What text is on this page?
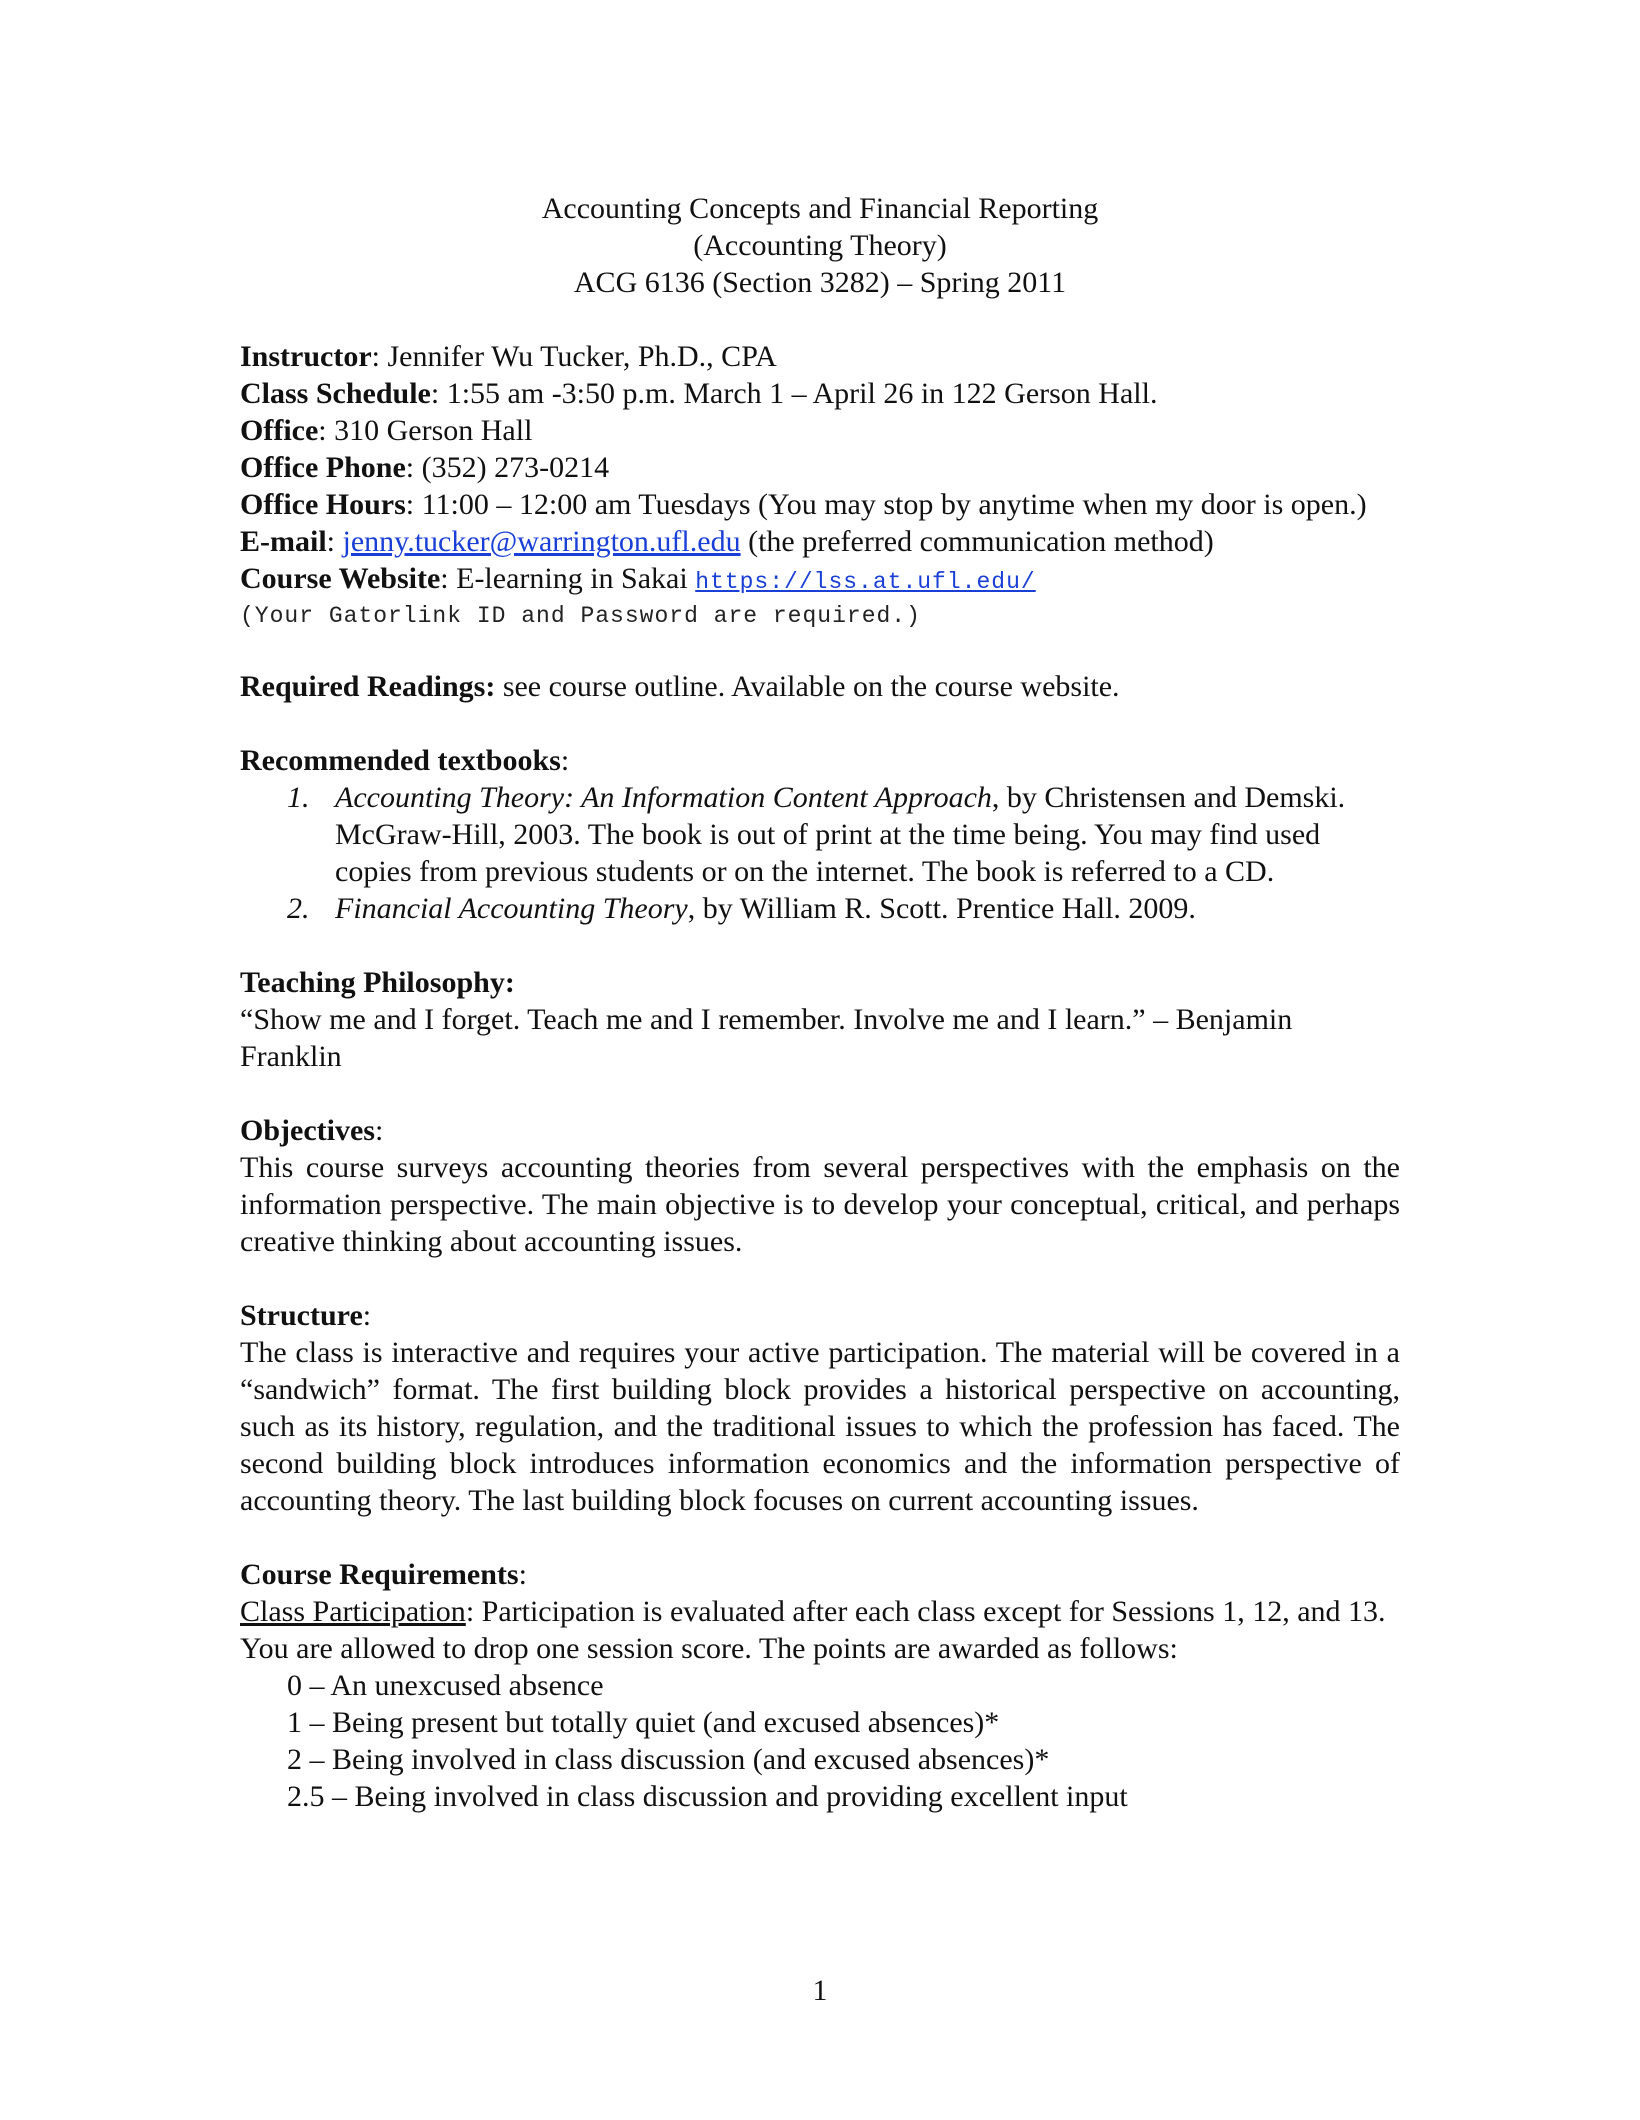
Accounting Concepts and Financial Reporting
(Accounting Theory)
ACG 6136 (Section 3282) – Spring 2011
Instructor: Jennifer Wu Tucker, Ph.D., CPA
Class Schedule: 1:55 am -3:50 p.m. March 1 – April 26 in 122 Gerson Hall.
Office: 310 Gerson Hall
Office Phone: (352) 273-0214
Office Hours: 11:00 – 12:00 am Tuesdays (You may stop by anytime when my door is open.)
E-mail: jenny.tucker@warrington.ufl.edu (the preferred communication method)
Course Website: E-learning in Sakai https://lss.at.ufl.edu/
(Your Gatorlink ID and Password are required.)
Required Readings: see course outline. Available on the course website.
Recommended textbooks:
1. Accounting Theory: An Information Content Approach, by Christensen and Demski. McGraw-Hill, 2003. The book is out of print at the time being. You may find used copies from previous students or on the internet. The book is referred to a CD.
2. Financial Accounting Theory, by William R. Scott. Prentice Hall. 2009.
Teaching Philosophy:
“Show me and I forget. Teach me and I remember. Involve me and I learn.” – Benjamin Franklin
Objectives:
This course surveys accounting theories from several perspectives with the emphasis on the information perspective. The main objective is to develop your conceptual, critical, and perhaps creative thinking about accounting issues.
Structure:
The class is interactive and requires your active participation. The material will be covered in a “sandwich” format. The first building block provides a historical perspective on accounting, such as its history, regulation, and the traditional issues to which the profession has faced. The second building block introduces information economics and the information perspective of accounting theory. The last building block focuses on current accounting issues.
Course Requirements:
Class Participation: Participation is evaluated after each class except for Sessions 1, 12, and 13. You are allowed to drop one session score. The points are awarded as follows:
0 – An unexcused absence
1 – Being present but totally quiet (and excused absences)*
2 – Being involved in class discussion (and excused absences)*
2.5 – Being involved in class discussion and providing excellent input
1
